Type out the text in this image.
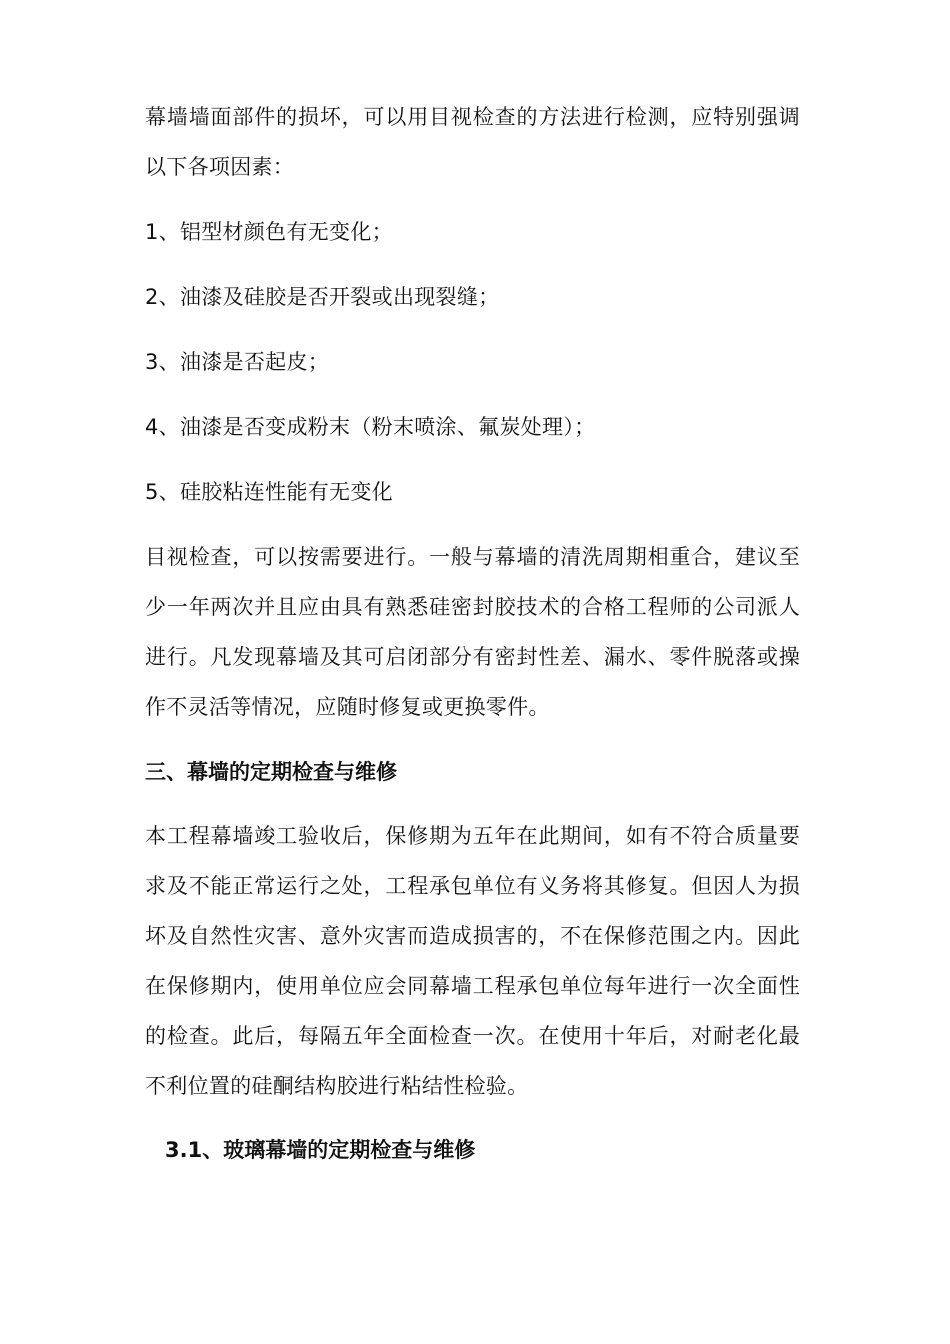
幕墙墙面部件的损坏，可以用目视检查的方法进行检测，应特别强调以下各项因素：

1、铝型材颜色有无变化；

2、油漆及硅胶是否开裂或出现裂缝；

3、油漆是否起皮；

4、油漆是否变成粉末（粉末喷涂、氟炭处理）；

5、硅胶粘连性能有无变化

目视检查，可以按需要进行。一般与幕墙的清洗周期相重合，建议至少一年两次并且应由具有熟悉硅密封胶技术的合格工程师的公司派人进行。凡发现幕墙及其可启闭部分有密封性差、漏水、零件脱落或操作不灵活等情况，应随时修复或更换零件。

三、幕墙的定期检查与维修

本工程幕墙竣工验收后，保修期为五年在此期间，如有不符合质量要求及不能正常运行之处，工程承包单位有义务将其修复。但因人为损坏及自然性灾害、意外灾害而造成损害的，不在保修范围之内。因此在保修期内，使用单位应会同幕墙工程承包单位每年进行一次全面性的检查。此后，每隔五年全面检查一次。在使用十年后，对耐老化最不利位置的硅酮结构胶进行粘结性检验。

3.1、玻璃幕墙的定期检查与维修
